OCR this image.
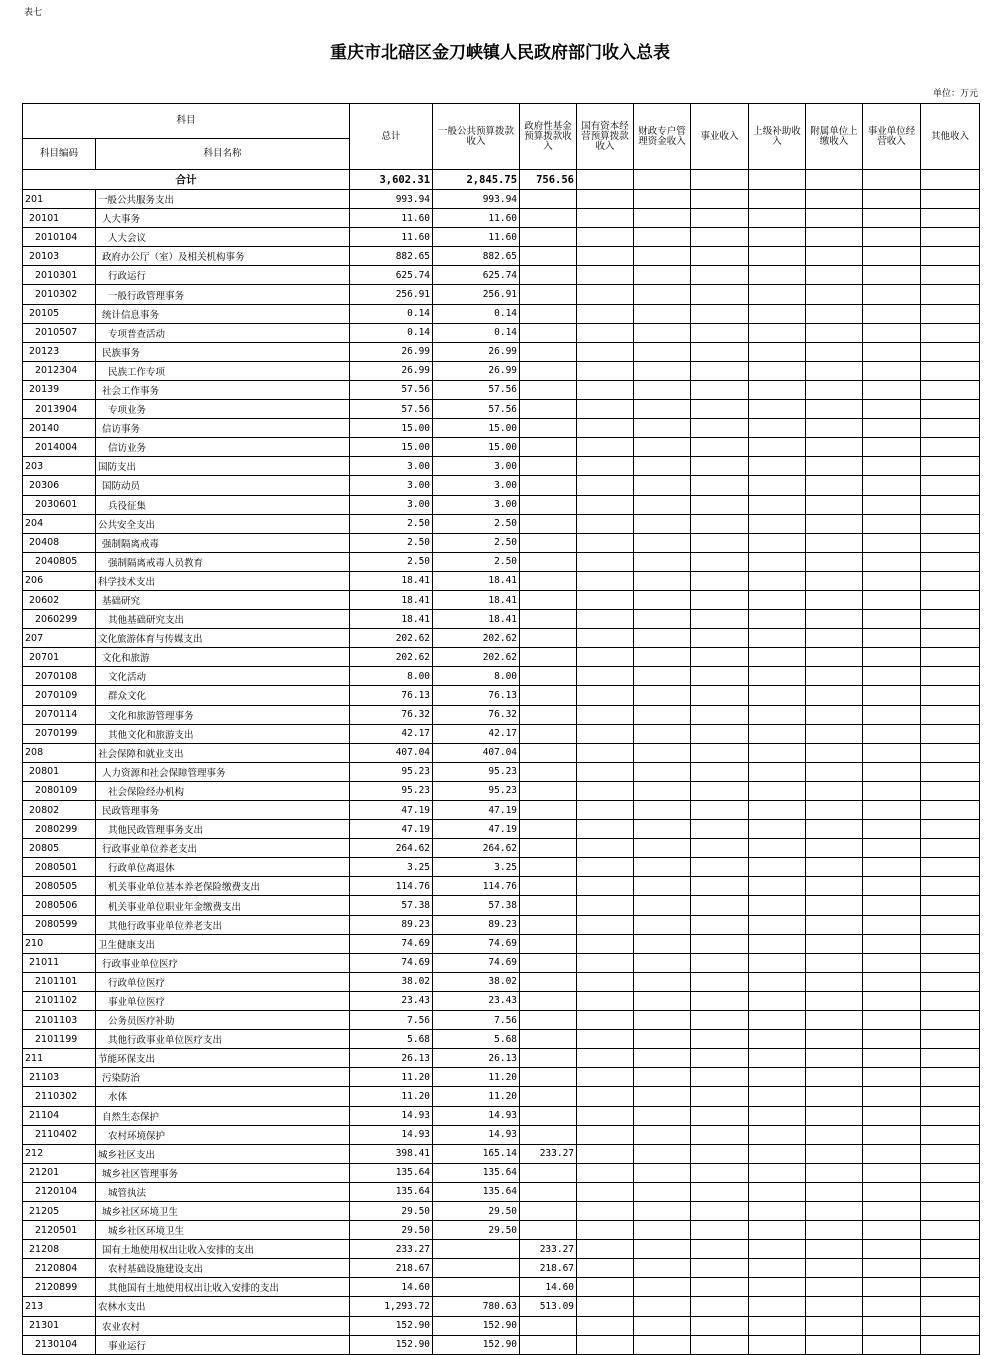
表七
重庆市北碚区金刀峡镇人民政府部门收入总表
单位：万元
科目		总计	一般公共预算拨款收入	政府性基金预算拨款收入	国有资本经营预算拨款收入	财政专户管理资金收入	事业收入	上级补助收入	附属单位上缴收入	事业单位经营收入	其他收入
科目编码	科目名称										
合计		3,602.31	2,845.75	756.56							
201	一般公共服务支出	993.94	993.94								
20101	人大事务	11.60	11.60								
2010104	人大会议	11.60	11.60								
20103	政府办公厅（室）及相关机构事务	882.65	882.65								
2010301	行政运行	625.74	625.74								
2010302	一般行政管理事务	256.91	256.91								
20105	统计信息事务	0.14	0.14								
2010507	专项普查活动	0.14	0.14								
20123	民族事务	26.99	26.99								
2012304	民族工作专项	26.99	26.99								
20139	社会工作事务	57.56	57.56								
2013904	专项业务	57.56	57.56								
20140	信访事务	15.00	15.00								
2014004	信访业务	15.00	15.00								
203	国防支出	3.00	3.00								
20306	国防动员	3.00	3.00								
2030601	兵役征集	3.00	3.00								
204	公共安全支出	2.50	2.50								
20408	强制隔离戒毒	2.50	2.50								
2040805	强制隔离戒毒人员教育	2.50	2.50								
206	科学技术支出	18.41	18.41								
20602	基础研究	18.41	18.41								
2060299	其他基础研究支出	18.41	18.41								
207	文化旅游体育与传媒支出	202.62	202.62								
20701	文化和旅游	202.62	202.62								
2070108	文化活动	8.00	8.00								
2070109	群众文化	76.13	76.13								
2070114	文化和旅游管理事务	76.32	76.32								
2070199	其他文化和旅游支出	42.17	42.17								
208	社会保障和就业支出	407.04	407.04								
20801	人力资源和社会保障管理事务	95.23	95.23								
2080109	社会保险经办机构	95.23	95.23								
20802	民政管理事务	47.19	47.19								
2080299	其他民政管理事务支出	47.19	47.19								
20805	行政事业单位养老支出	264.62	264.62								
2080501	行政单位离退休	3.25	3.25								
2080505	机关事业单位基本养老保险缴费支出	114.76	114.76								
2080506	机关事业单位职业年金缴费支出	57.38	57.38								
2080599	其他行政事业单位养老支出	89.23	89.23								
210	卫生健康支出	74.69	74.69								
21011	行政事业单位医疗	74.69	74.69								
2101101	行政单位医疗	38.02	38.02								
2101102	事业单位医疗	23.43	23.43								
2101103	公务员医疗补助	7.56	7.56								
2101199	其他行政事业单位医疗支出	5.68	5.68								
211	节能环保支出	26.13	26.13								
21103	污染防治	11.20	11.20								
2110302	水体	11.20	11.20								
21104	自然生态保护	14.93	14.93								
2110402	农村环境保护	14.93	14.93								
212	城乡社区支出	398.41	165.14	233.27							
21201	城乡社区管理事务	135.64	135.64								
2120104	城管执法	135.64	135.64								
21205	城乡社区环境卫生	29.50	29.50								
2120501	城乡社区环境卫生	29.50	29.50								
21208	国有土地使用权出让收入安排的支出	233.27		233.27							
2120804	农村基础设施建设支出	218.67		218.67							
2120899	其他国有土地使用权出让收入安排的支出	14.60		14.60							
213	农林水支出	1,293.72	780.63	513.09							
21301	农业农村	152.90	152.90								
2130104	事业运行	152.90	152.90								
